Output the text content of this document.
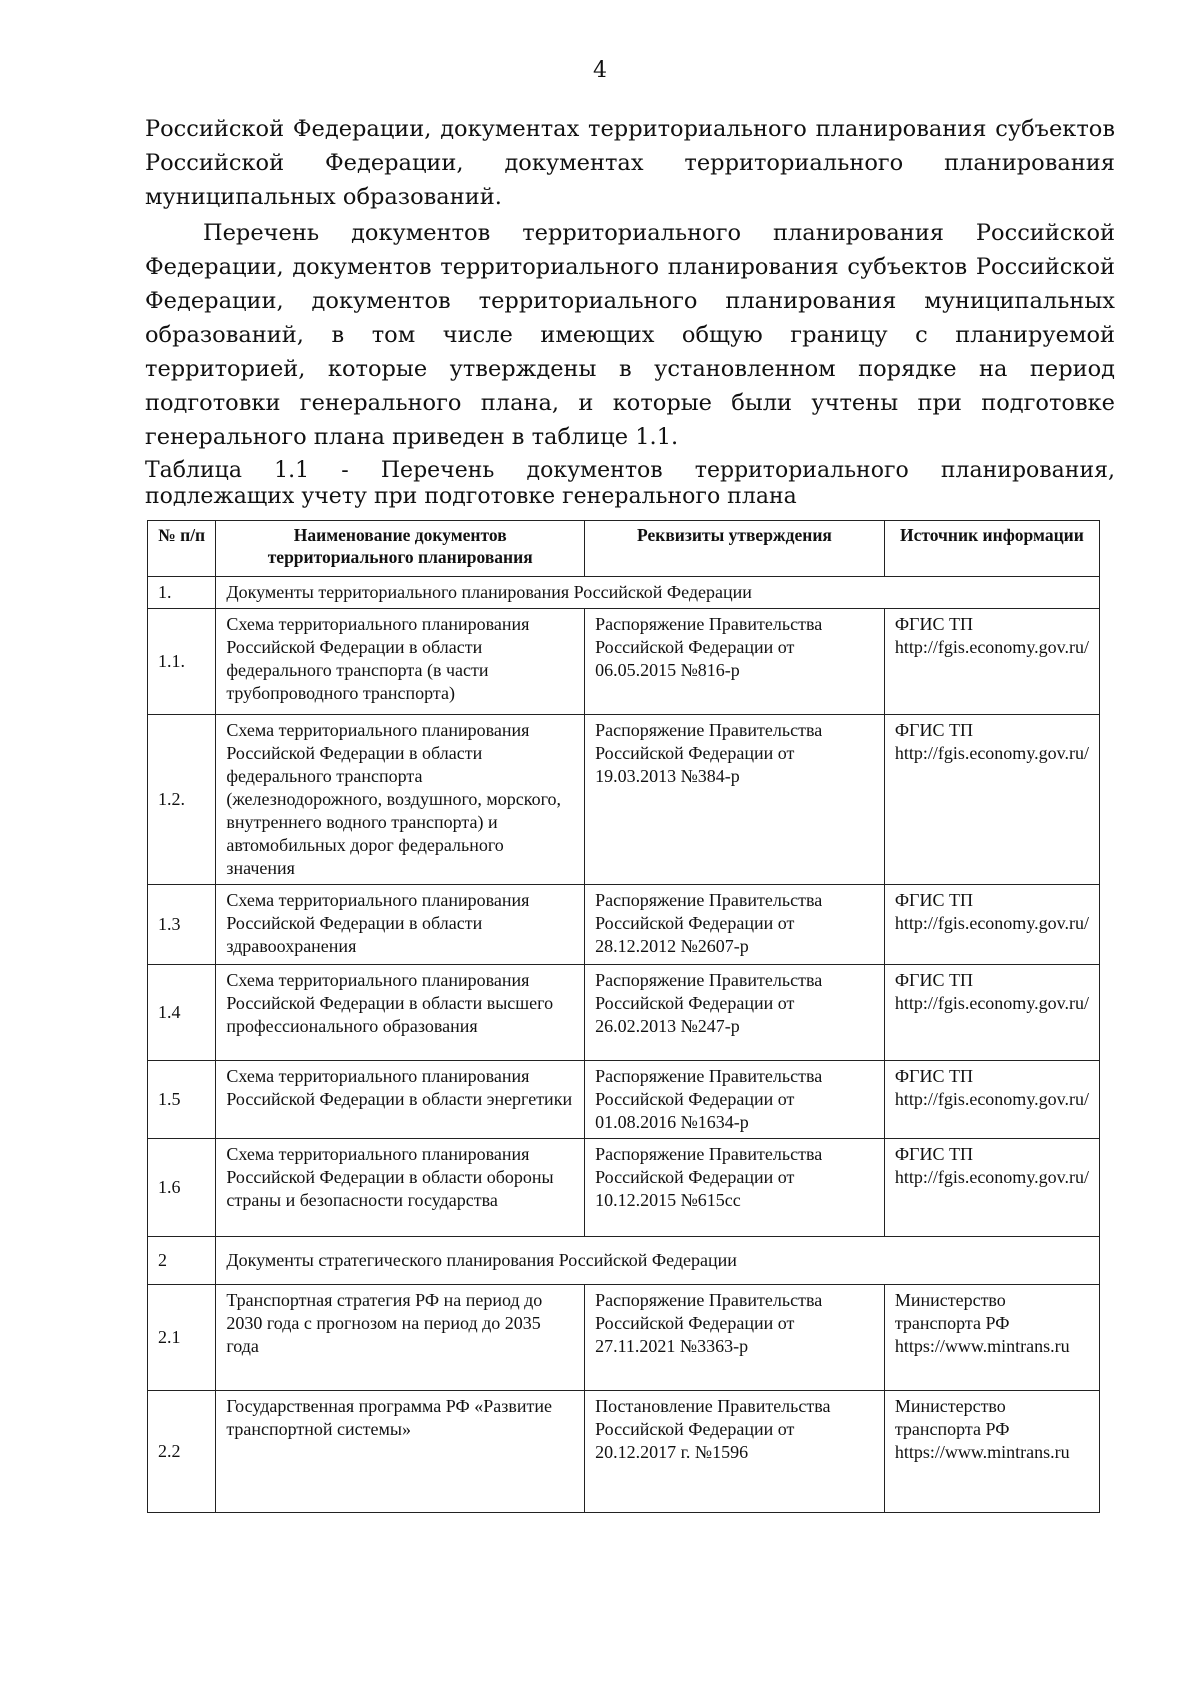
4

Российской Федерации, документах территориального планирования субъектов Российской Федерации, документах территориального планирования муниципальных образований.

Перечень документов территориального планирования Российской Федерации, документов территориального планирования субъектов Российской Федерации, документов территориального планирования муниципальных образований, в том числе имеющих общую границу с планируемой территорией, которые утверждены в установленном порядке на период подготовки генерального плана, и которые были учтены при подготовке генерального плана приведен в таблице 1.1.

Таблица 1.1 - Перечень документов территориального планирования, подлежащих учету при подготовке генерального плана

№ п/п	Наименование документов территориального планирования	Реквизиты утверждения	Источник информации
1.	Документы территориального планирования Российской Федерации		
1.1.	Схема территориального планирования Российской Федерации в области федерального транспорта (в части трубопроводного транспорта)	Распоряжение Правительства Российской Федерации от 06.05.2015 №816-р	ФГИС ТП http://fgis.economy.gov.ru/
1.2.	Схема территориального планирования Российской Федерации в области федерального транспорта (железнодорожного, воздушного, морского, внутреннего водного транспорта) и автомобильных дорог федерального значения	Распоряжение Правительства Российской Федерации от 19.03.2013 №384-р	ФГИС ТП http://fgis.economy.gov.ru/
1.3	Схема территориального планирования Российской Федерации в области здравоохранения	Распоряжение Правительства Российской Федерации от 28.12.2012 №2607-р	ФГИС ТП http://fgis.economy.gov.ru/
1.4	Схема территориального планирования Российской Федерации в области высшего профессионального образования	Распоряжение Правительства Российской Федерации от 26.02.2013 №247-р	ФГИС ТП http://fgis.economy.gov.ru/
1.5	Схема территориального планирования Российской Федерации в области энергетики	Распоряжение Правительства Российской Федерации от 01.08.2016 №1634-р	ФГИС ТП http://fgis.economy.gov.ru/
1.6	Схема территориального планирования Российской Федерации в области обороны страны и безопасности государства	Распоряжение Правительства Российской Федерации от 10.12.2015 №615сс	ФГИС ТП http://fgis.economy.gov.ru/
2	Документы стратегического планирования Российской Федерации		
2.1	Транспортная стратегия РФ на период до 2030 года с прогнозом на период до 2035 года	Распоряжение Правительства Российской Федерации от 27.11.2021 №3363-р	Министерство транспорта РФ https://www.mintrans.ru
2.2	Государственная программа РФ «Развитие транспортной системы»	Постановление Правительства Российской Федерации от 20.12.2017 г. №1596	Министерство транспорта РФ https://www.mintrans.ru
